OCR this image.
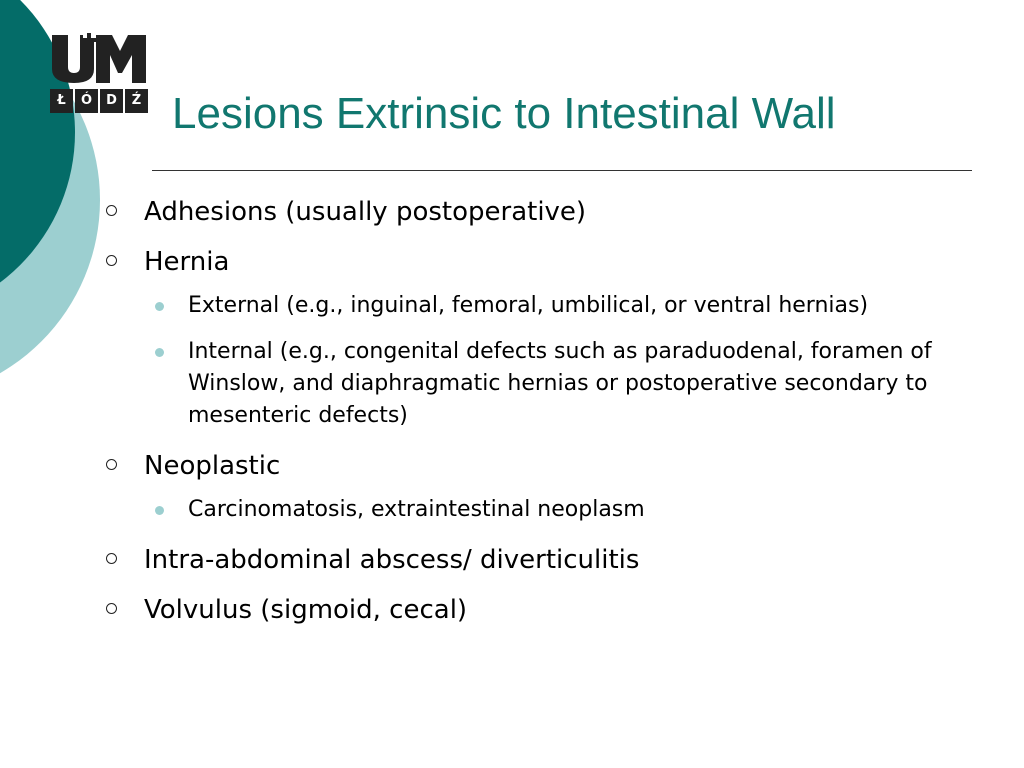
Ł	Ó	D	Ź Lesions Extrinsic to Intestinal Wall
Adhesions (usually postoperative)
Hernia
External (e.g., inguinal, femoral, umbilical, or ventral hernias)
Internal (e.g., congenital defects such as paraduodenal, foramen of Winslow, and diaphragmatic hernias or postoperative secondary to mesenteric defects)
Neoplastic
Carcinomatosis, extraintestinal neoplasm
Intra-abdominal abscess/ diverticulitis
Volvulus (sigmoid, cecal)
